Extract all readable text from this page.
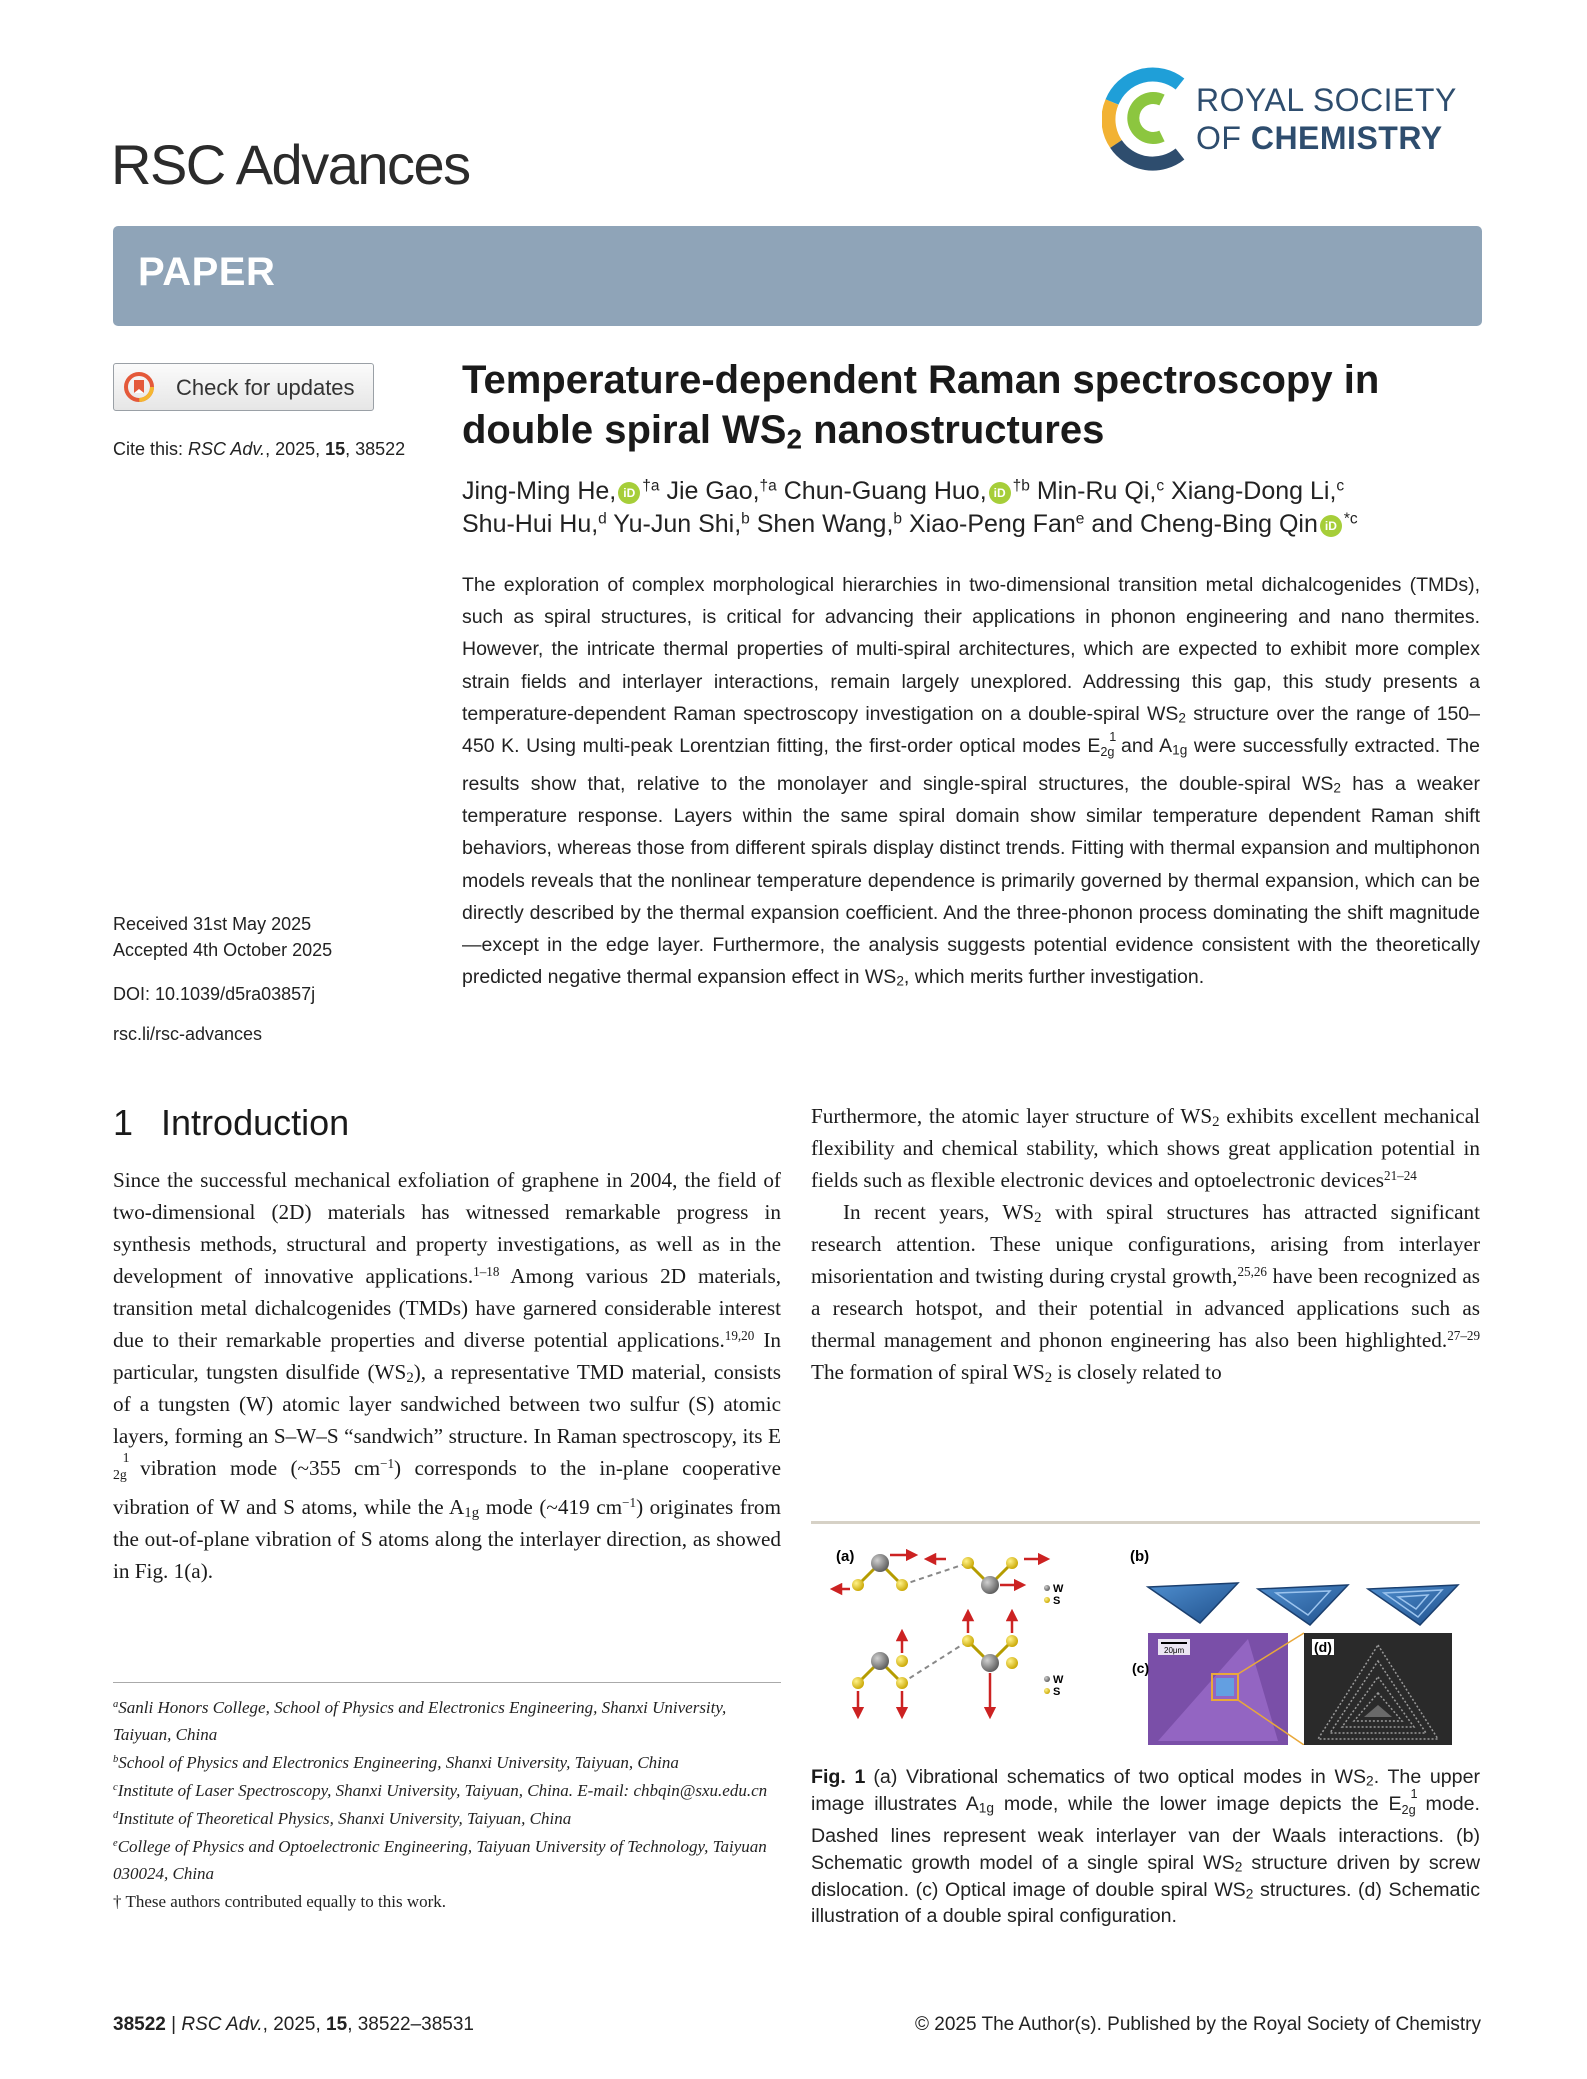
RSC Advances
ROYAL SOCIETY
OF CHEMISTRY
PAPER
Check for updates
Cite this: RSC Adv., 2025, 15, 38522
Received 31st May 2025
Accepted 4th October 2025
DOI: 10.1039/d5ra03857j
rsc.li/rsc-advances
Temperature-dependent Raman spectroscopy in
double spiral $WS_2$ nanostructures
Jing-Ming He, iD $^{\dagger a}$ Jie Gao,$^{\dagger a}$ Chun-Guang Huo, iD $^{\dagger b}$ Min-Ru Qi,$^c$ Xiang-Dong Li,$^c$
Shu-Hui Hu,$^d$ Yu-Jun Shi,$^b$ Shen Wang,$^b$ Xiao-Peng Fan$^e$ and Cheng-Bing Qin iD $^{*c}$
The exploration of complex morphological hierarchies in two-dimensional transition metal dichalcogenides (TMDs), such as spiral structures, is critical for advancing their applications in phonon engineering and nano thermites. However, the intricate thermal properties of multi-spiral architectures, which are expected to exhibit more complex strain fields and interlayer interactions, remain largely unexplored. Addressing this gap, this study presents a temperature-dependent Raman spectroscopy investigation on a double-spiral $WS_2$ structure over the range of 150–450 K. Using multi-peak Lorentzian fitting, the first-order optical modes E 1
2g and $A_{1g}$ were successfully extracted. The results show that, relative to the monolayer and single-spiral structures, the double-spiral $WS_2$ has a weaker temperature response. Layers within the same spiral domain show similar temperature dependent Raman shift behaviors, whereas those from different spirals display distinct trends. Fitting with thermal expansion and multiphonon models reveals that the nonlinear temperature dependence is primarily governed by thermal expansion, which can be directly described by the thermal expansion coefficient. And the three-phonon process dominating the shift magnitude—except in the edge layer. Furthermore, the analysis suggests potential evidence consistent with the theoretically predicted negative thermal expansion effect in $WS_2$, which merits further investigation.
1 Introduction
Since the successful mechanical exfoliation of graphene in 2004, the field of two-dimensional (2D) materials has witnessed remarkable progress in synthesis methods, structural and property investigations, as well as in the development of innovative applications.$^{1-18}$ Among various 2D materials, transition metal dichalcogenides (TMDs) have garnered considerable interest due to their remarkable properties and diverse potential applications.$^{19,20}$ In particular, tungsten disulfide $(WS_2)$, a representative TMD material, consists of a tungsten (W) atomic layer sandwiched between two sulfur (S) atomic layers, forming an S–W–S “sandwich” structure. In Raman spectroscopy, its E
1
2g vibration mode (~355 $cm^{-1}$) corresponds to the in-plane cooperative vibration of W and S atoms, while the $A_{1g}$ mode (~419 $cm^{-1}$) originates from the out-of-plane vibration of S atoms along the interlayer direction, as showed in Fig. 1(a).
Furthermore, the atomic layer structure of $WS_2$ exhibits excellent mechanical flexibility and chemical stability, which shows great application potential in fields such as flexible electronic devices and optoelectronic devices$^{21-24}$
In recent years, $WS_2$ with spiral structures has attracted significant research attention. These unique configurations, arising from interlayer misorientation and twisting during crystal growth,$^{25,26}$ have been recognized as a research hotspot, and their potential in advanced applications such as thermal management and phonon engineering has also been highlighted.$^{27-29}$ The formation of spiral $WS_2$ is closely related to

$^a$Sanli Honors College, School of Physics and Electronics Engineering, Shanxi University, Taiyuan, China

$^b$School of Physics and Electronics Engineering, Shanxi University, Taiyuan, China

$^c$Institute of Laser Spectroscopy, Shanxi University, Taiyuan, China. E-mail: chbqin@sxu.edu.cn

$^d$Institute of Theoretical Physics, Shanxi University, Taiyuan, China

$^e$College of Physics and Optoelectronic Engineering, Taiyuan University of Technology, Taiyuan 030024, China

† These authors contributed equally to this work.

(a)
W
S
W
S
(b)
(c)
20μm	(d)
Fig. 1 (a) Vibrational schematics of two optical modes in $WS_2$. The upper image illustrates $A_{1g}$ mode, while the lower image depicts the E 1
2g mode. Dashed lines represent weak interlayer van der Waals interactions. (b) Schematic growth model of a single spiral $WS_2$ structure driven by screw dislocation. (c) Optical image of double spiral $WS_2$ structures. (d) Schematic illustration of a double spiral configuration.
38522 | RSC Adv., 2025, 15, 38522–38531	© 2025 The Author(s). Published by the Royal Society of Chemistry
